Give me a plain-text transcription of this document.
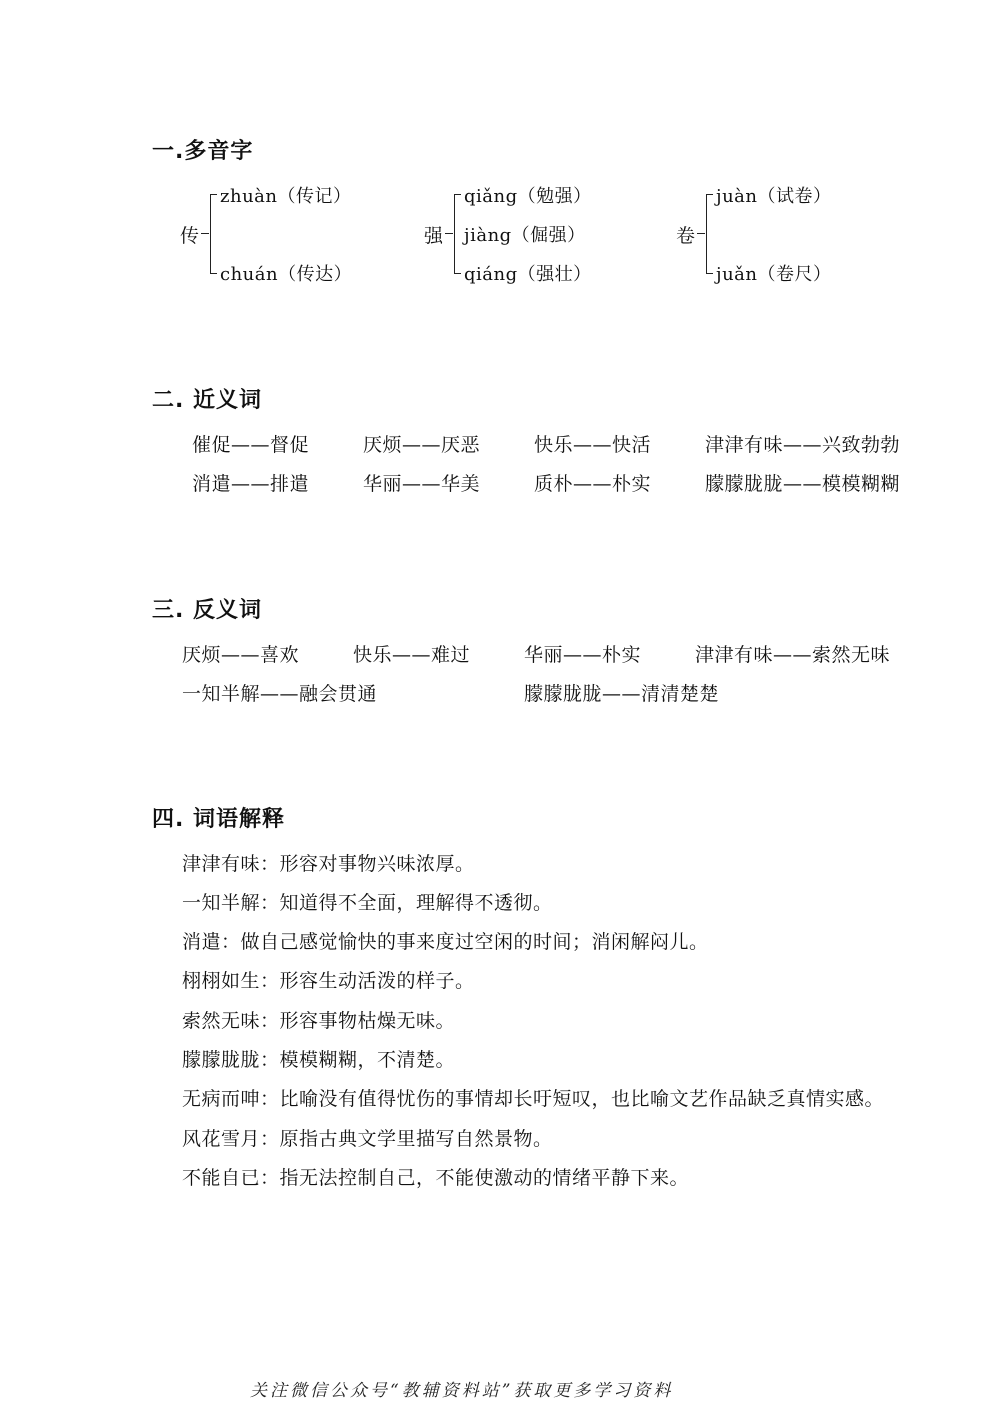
一.多音字
传
zhuàn（传记）
chuán（传达）
强
qiǎng（勉强）
jiàng（倔强）
qiáng（强壮）
卷
juàn（试卷）
juǎn（卷尺）
二. 近义词
催促——督促	厌烦——厌恶	快乐——快活	津津有味——兴致勃勃
消遣——排遣	华丽——华美	质朴——朴实	朦朦胧胧——模模糊糊
三. 反义词
厌烦——喜欢	快乐——难过	华丽——朴实	津津有味——索然无味
一知半解——融会贯通	朦朦胧胧——清清楚楚
四. 词语解释
津津有味：形容对事物兴味浓厚。
一知半解：知道得不全面，理解得不透彻。
消遣：做自己感觉愉快的事来度过空闲的时间；消闲解闷儿。
栩栩如生：形容生动活泼的样子。
索然无味：形容事物枯燥无味。
朦朦胧胧：模模糊糊，不清楚。
无病而呻：比喻没有值得忧伤的事情却长吁短叹，也比喻文艺作品缺乏真情实感。
风花雪月：原指古典文学里描写自然景物。
不能自已：指无法控制自己，不能使激动的情绪平静下来。
关注微信公众号“教辅资料站”获取更多学习资料
